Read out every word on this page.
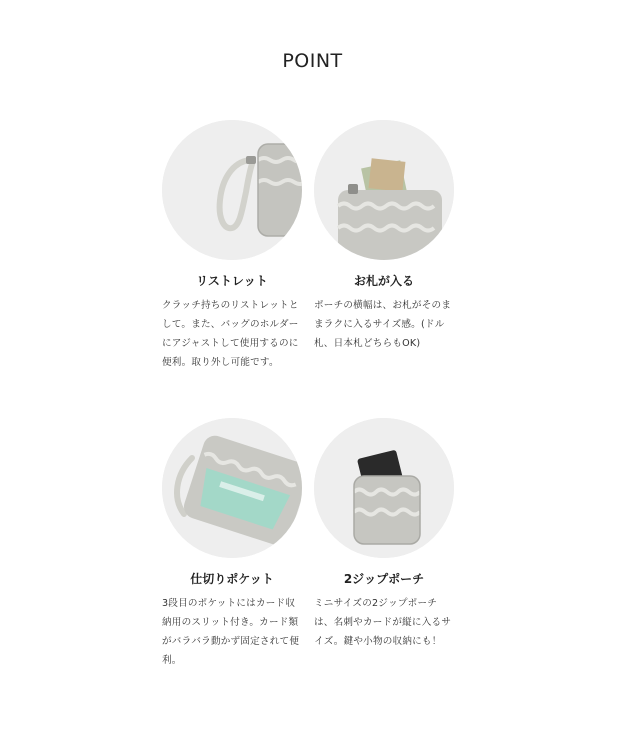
POINT
リストレット
クラッチ持ちのリストレットとして。また、バッグのホルダーにアジャストして使用するのに便利。取り外し可能です。
お札が入る
ポーチの横幅は、お札がそのままラクに入るサイズ感。(ドル札、日本札どちらもOK)
仕切りポケット
3段目のポケットにはカード収納用のスリット付き。カード類がバラバラ動かず固定されて便利。
2ジップポーチ
ミニサイズの2ジップポーチは、名刺やカードが縦に入るサイズ。鍵や小物の収納にも！
